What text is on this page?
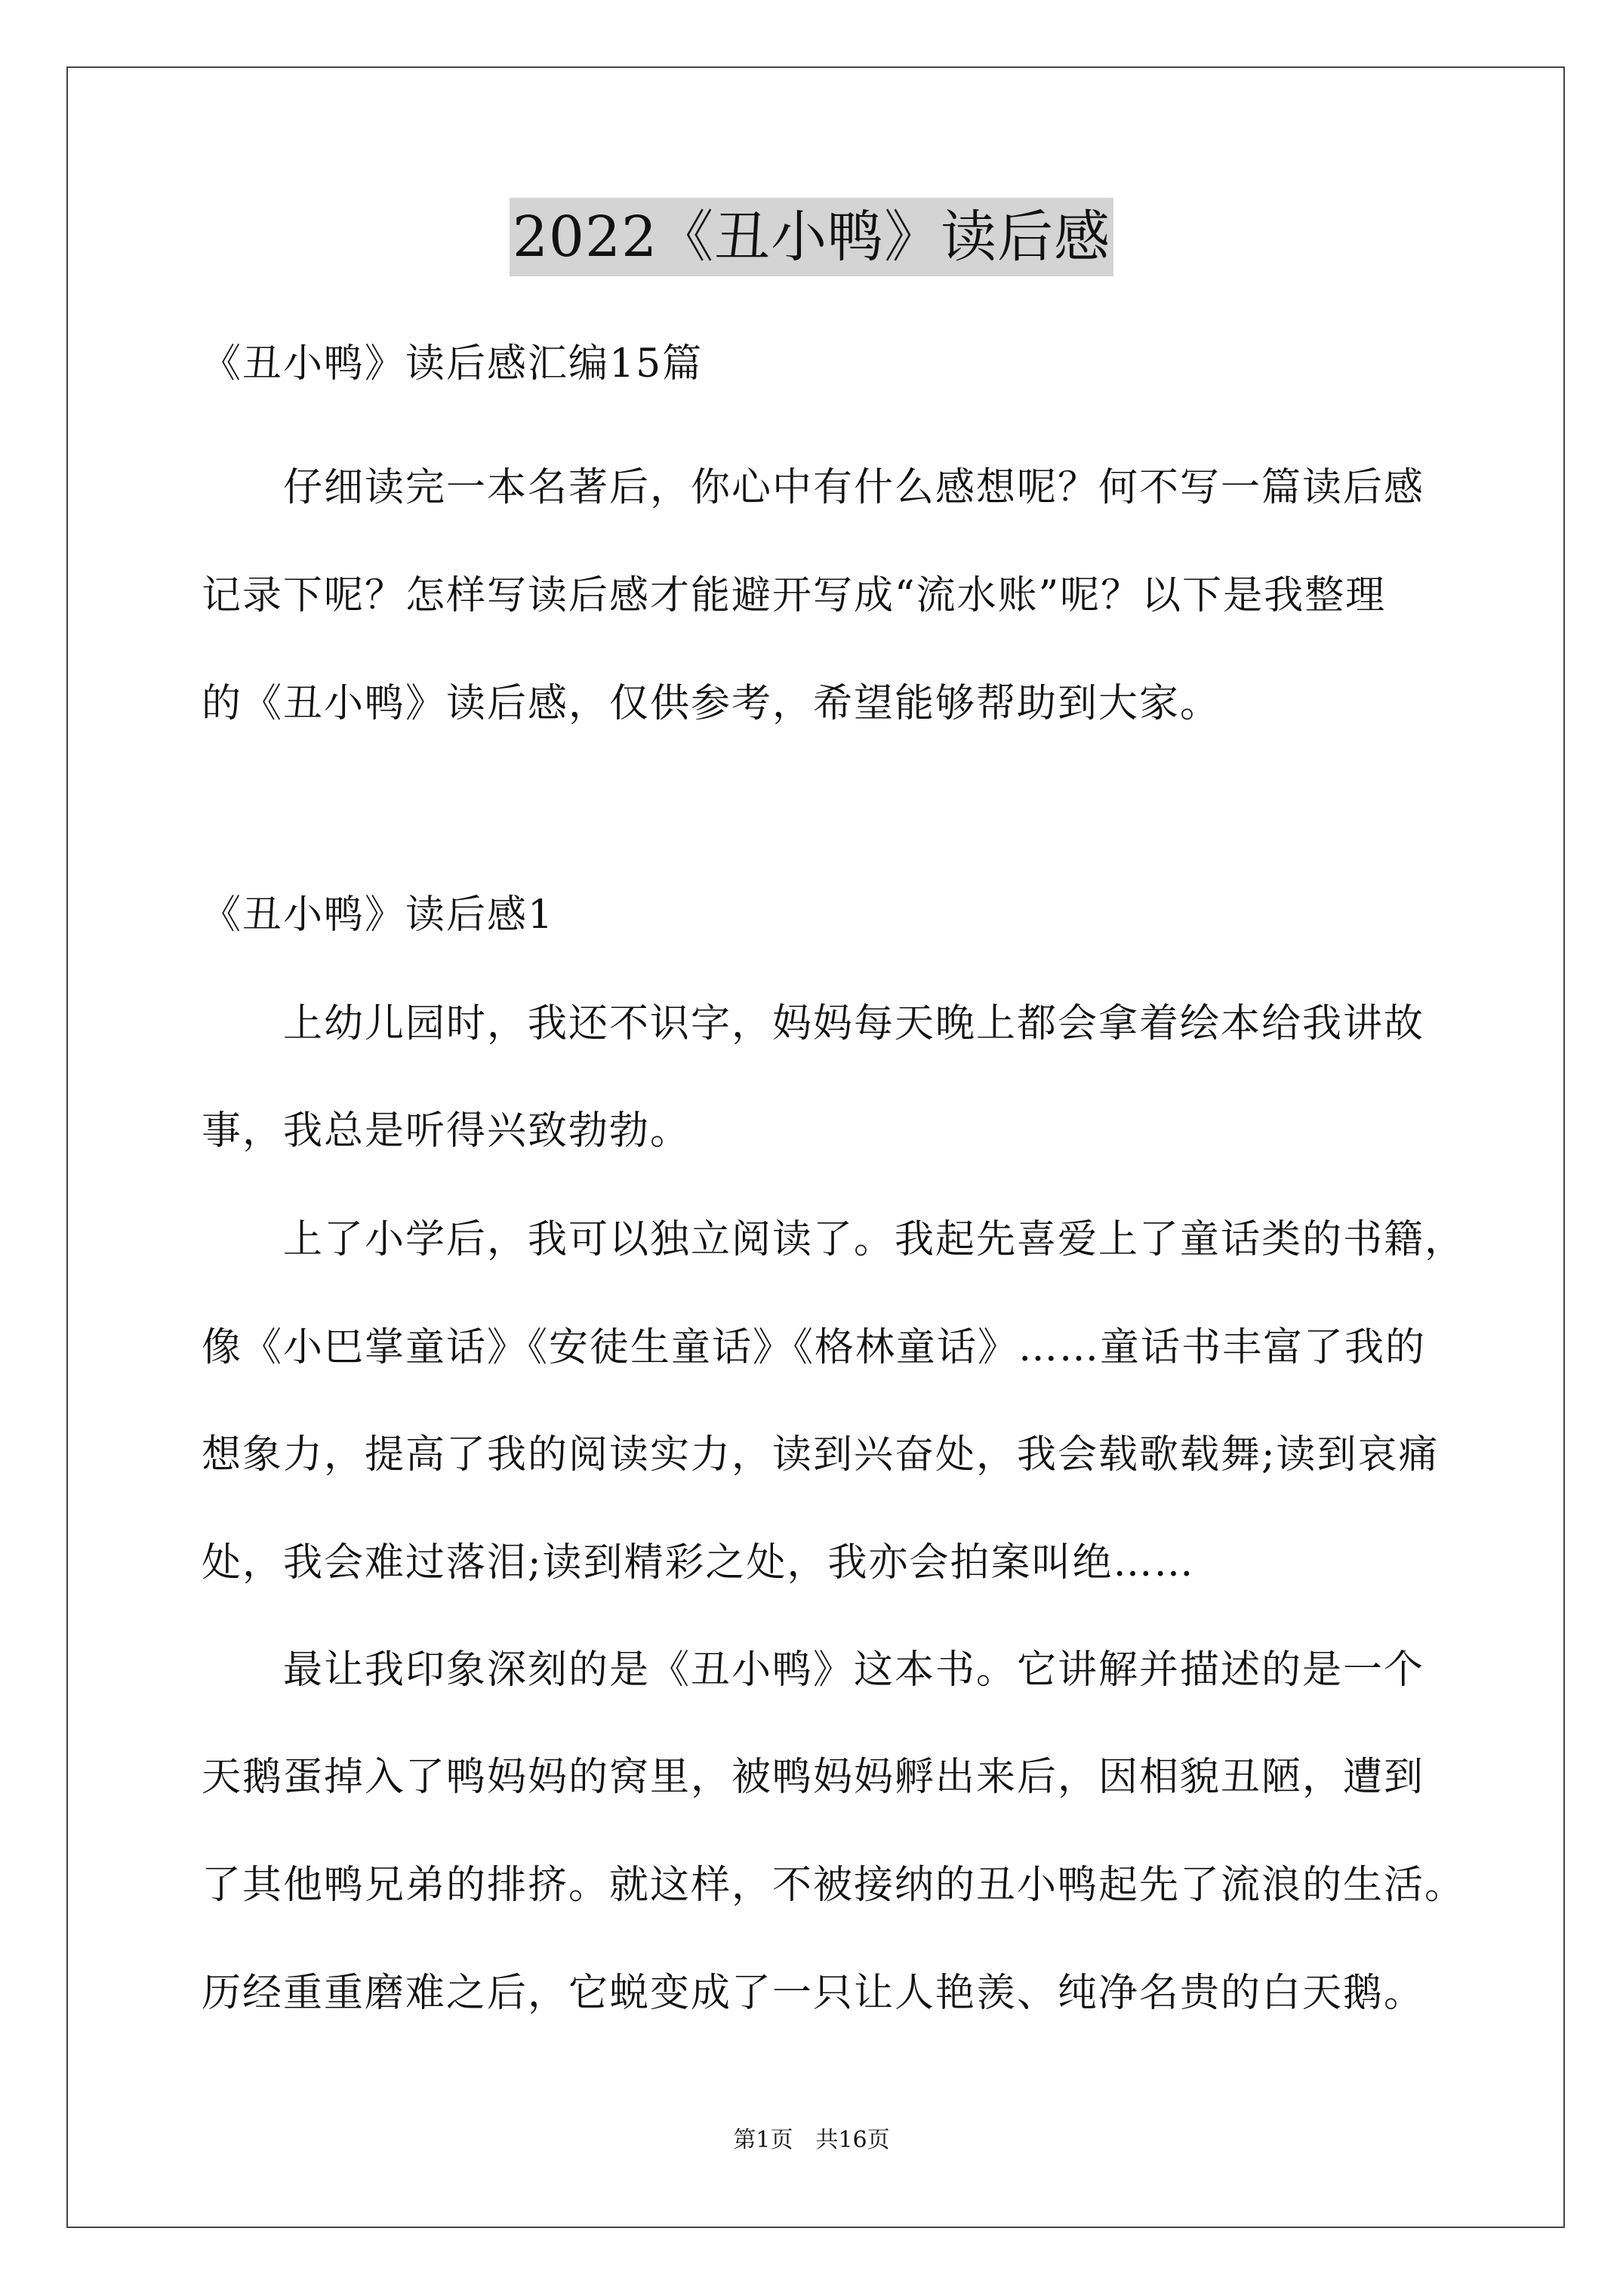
2022《丑小鸭》读后感
《丑小鸭》读后感汇编15篇
　　仔细读完一本名著后，你心中有什么感想呢？何不写一篇读后感
记录下呢？怎样写读后感才能避开写成“流水账”呢？以下是我整理
的《丑小鸭》读后感，仅供参考，希望能够帮助到大家。
《丑小鸭》读后感1
　　上幼儿园时，我还不识字，妈妈每天晚上都会拿着绘本给我讲故
事，我总是听得兴致勃勃。
　　上了小学后，我可以独立阅读了。我起先喜爱上了童话类的书籍，
像《小巴掌童话》《安徒生童话》《格林童话》……童话书丰富了我的
想象力，提高了我的阅读实力，读到兴奋处，我会载歌载舞;读到哀痛
处，我会难过落泪;读到精彩之处，我亦会拍案叫绝……
　　最让我印象深刻的是《丑小鸭》这本书。它讲解并描述的是一个
天鹅蛋掉入了鸭妈妈的窝里，被鸭妈妈孵出来后，因相貌丑陋，遭到
了其他鸭兄弟的排挤。就这样，不被接纳的丑小鸭起先了流浪的生活。
历经重重磨难之后，它蜕变成了一只让人艳羡、纯净名贵的白天鹅。
第1页　共16页
